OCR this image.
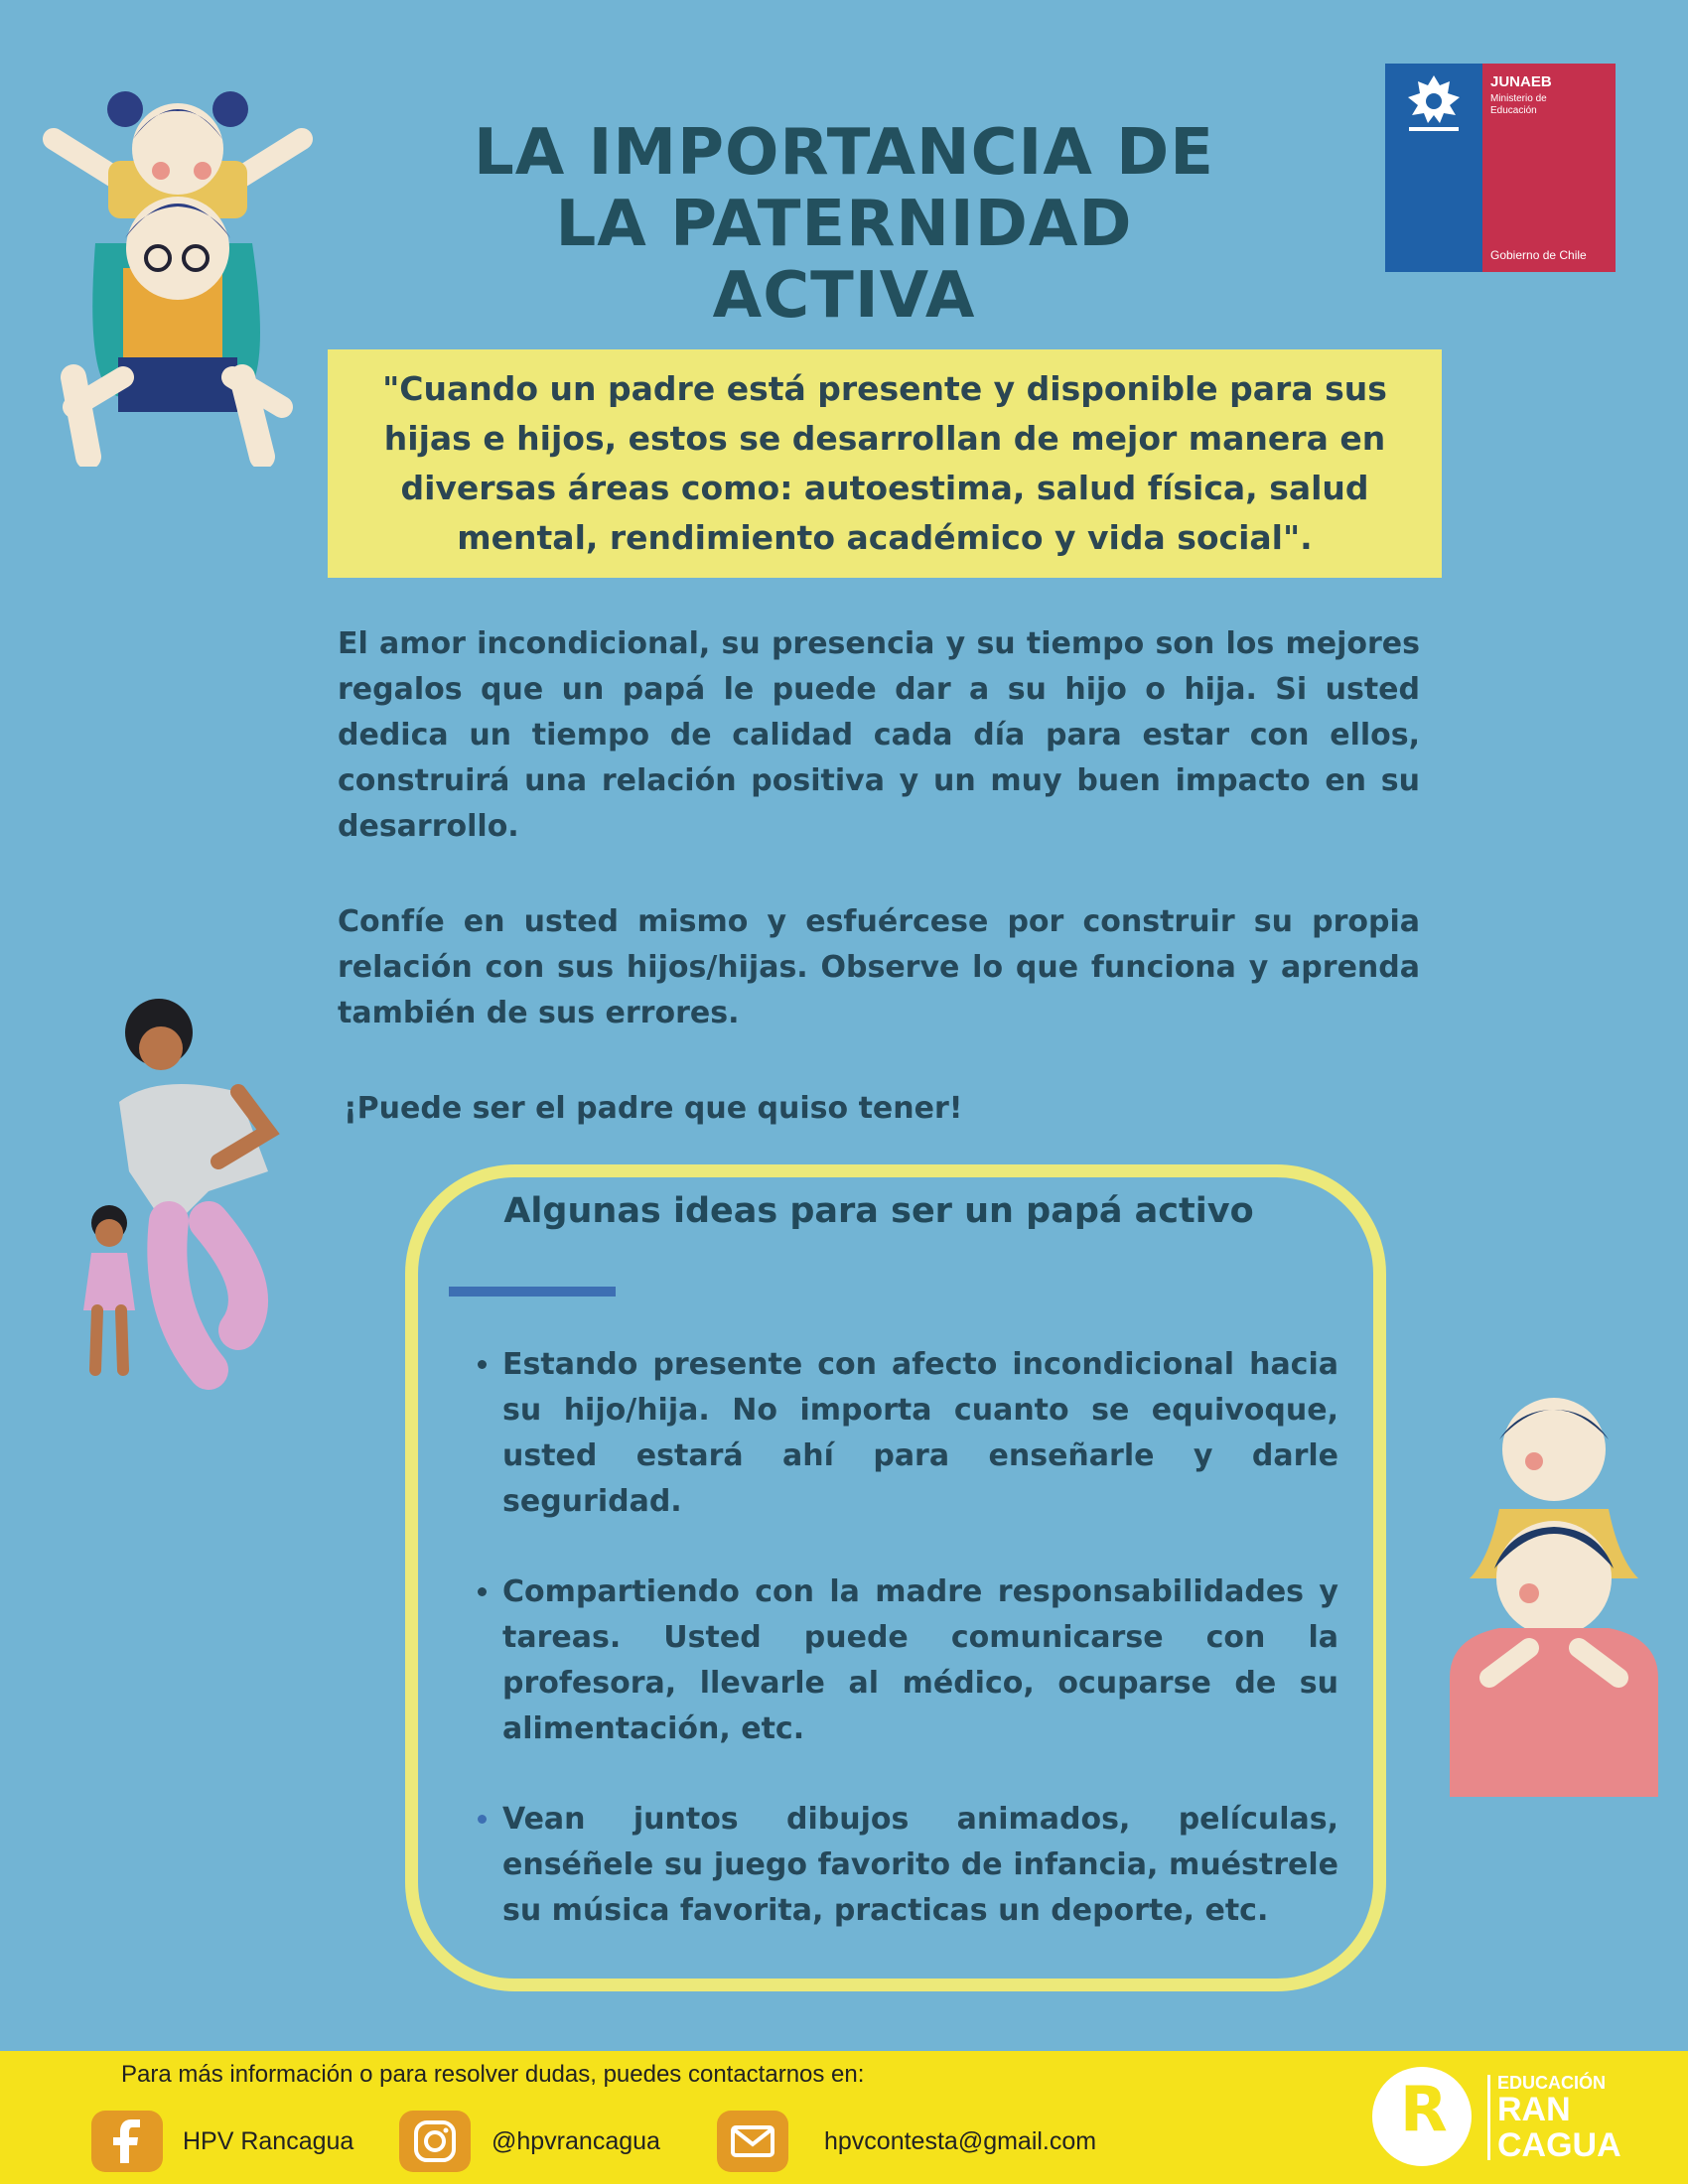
LA IMPORTANCIA DE
LA PATERNIDAD
ACTIVA
JUNAEB
Ministerio de Educación
Gobierno de Chile
"Cuando un padre está presente y disponible para sus hijas e hijos, estos se desarrollan de mejor manera en diversas áreas como: autoestima, salud física, salud mental, rendimiento académico y vida social".
El amor incondicional, su presencia y su tiempo son los mejores regalos que un papá le puede dar a su hijo o hija. Si usted dedica un tiempo de calidad cada día para estar con ellos, construirá una relación positiva y un muy buen impacto en su desarrollo.
Confíe en usted mismo y esfuércese por construir su propia relación con sus hijos/hijas. Observe lo que funciona y aprenda también de sus errores.
¡Puede ser el padre que quiso tener!
Algunas ideas para ser un papá activo
• Estando presente con afecto incondicional hacia su hijo/hija. No importa cuanto se equivoque, usted estará ahí para enseñarle y darle seguridad.
• Compartiendo con la madre responsabilidades y tareas. Usted puede comunicarse con la profesora, llevarle al médico, ocuparse de su alimentación, etc.
• Vean juntos dibujos animados, películas, enséñele su juego favorito de infancia, muéstrele su música favorita, practicas un deporte, etc.
Para más información o para resolver dudas, puedes contactarnos en:
HPV Rancagua	@hpvrancagua	hpvcontesta@gmail.com	R	EDUCACIÓN
RAN
CAGUA
